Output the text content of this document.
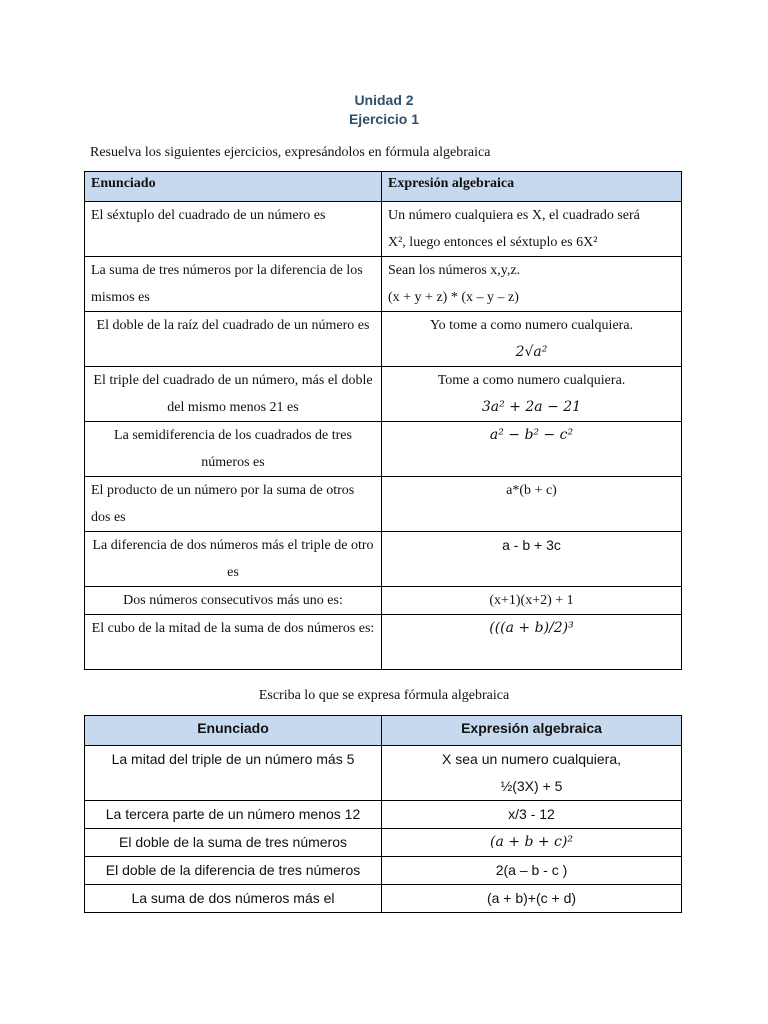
Unidad 2
Ejercicio 1
Resuelva los siguientes ejercicios, expresándolos en fórmula algebraica
Enunciado	Expresión algebraica
El séxtuplo del cuadrado de un número es	Un número cualquiera es X, el cuadrado será
X², luego entonces el séxtuplo es 6X²

La suma de tres números por la diferencia de los mismos es	Sean los números x,y,z.
(x + y + z) * (x – y – z)

El doble de la raíz del cuadrado de un número es	Yo tome a como numero cualquiera.
2√a²

El triple del cuadrado de un número, más el doble del mismo menos 21 es	Tome a como numero cualquiera.
3a² + 2a − 21

La semidiferencia de los cuadrados de tres números es	a² − b² − c²
El producto de un número por la suma de otros dos es	a*(b + c)
La diferencia de dos números más el triple de otro es	a - b + 3c
Dos números consecutivos más uno es:	(x+1)(x+2) + 1
El cubo de la mitad de la suma de dos números es:	(((a + b)/2)³
Escriba lo que se expresa fórmula algebraica
Enunciado	Expresión algebraica
La mitad del triple de un número más 5	X sea un numero cualquiera,
½(3X) + 5

La tercera parte de un número menos 12	x/3 - 12
El doble de la suma de tres números	(a + b + c)²
El doble de la diferencia de tres números	2(a – b - c )
La suma de dos números más el	(a + b)+(c + d)
